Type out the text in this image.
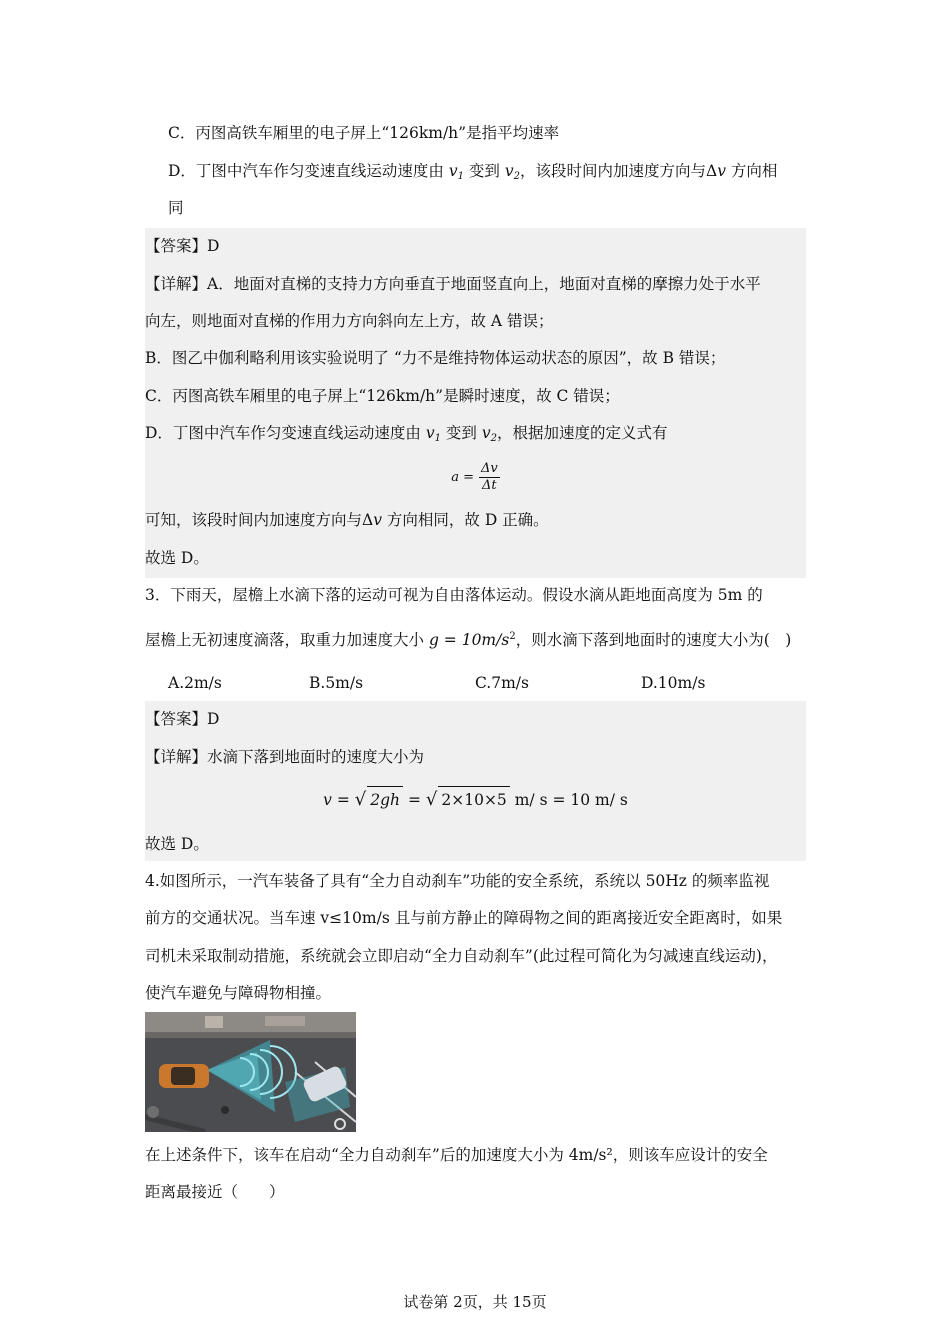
C．丙图高铁车厢里的电子屏上“126km/h”是指平均速率
D．丁图中汽车作匀变速直线运动速度由 $v_1$ 变到 $v_2$，该段时间内加速度方向与Δv 方向相
同
【答案】D
【详解】A．地面对直梯的支持力方向垂直于地面竖直向上，地面对直梯的摩擦力处于水平
向左，则地面对直梯的作用力方向斜向左上方，故 A 错误；
B．图乙中伽利略利用该实验说明了 “力不是维持物体运动状态的原因”，故 B 错误；
C．丙图高铁车厢里的电子屏上“126km/h”是瞬时速度，故 C 错误；
D．丁图中汽车作匀变速直线运动速度由 $v_1$ 变到 $v_2$，根据加速度的定义式有
$a = \frac{\Delta v}{\Delta t}$
可知，该段时间内加速度方向与Δv 方向相同，故 D 正确。
故选 D。
3．下雨天，屋檐上水滴下落的运动可视为自由落体运动。假设水滴从距地面高度为 5m 的
屋檐上无初速度滴落，取重力加速度大小 $g = 10m/s^2$，则水滴下落到地面时的速度大小为(　)
A.2m/s	B.5m/s	C.7m/s	D.10m/s
【答案】D
【详解】水滴下落到地面时的速度大小为
v = √ 2gh = √ 2×10×5 m/ s = 10 m/ s
故选 D。
4.如图所示，一汽车装备了具有“全力自动刹车”功能的安全系统，系统以 50Hz 的频率监视
前方的交通状况。当车速 v≤10m/s 且与前方静止的障碍物之间的距离接近安全距离时，如果
司机未采取制动措施，系统就会立即启动“全力自动刹车”(此过程可简化为匀减速直线运动)，
使汽车避免与障碍物相撞。
在上述条件下，该车在启动“全力自动刹车”后的加速度大小为 4m/s²，则该车应设计的安全
距离最接近（　　）
试卷第 2页，共 15页
